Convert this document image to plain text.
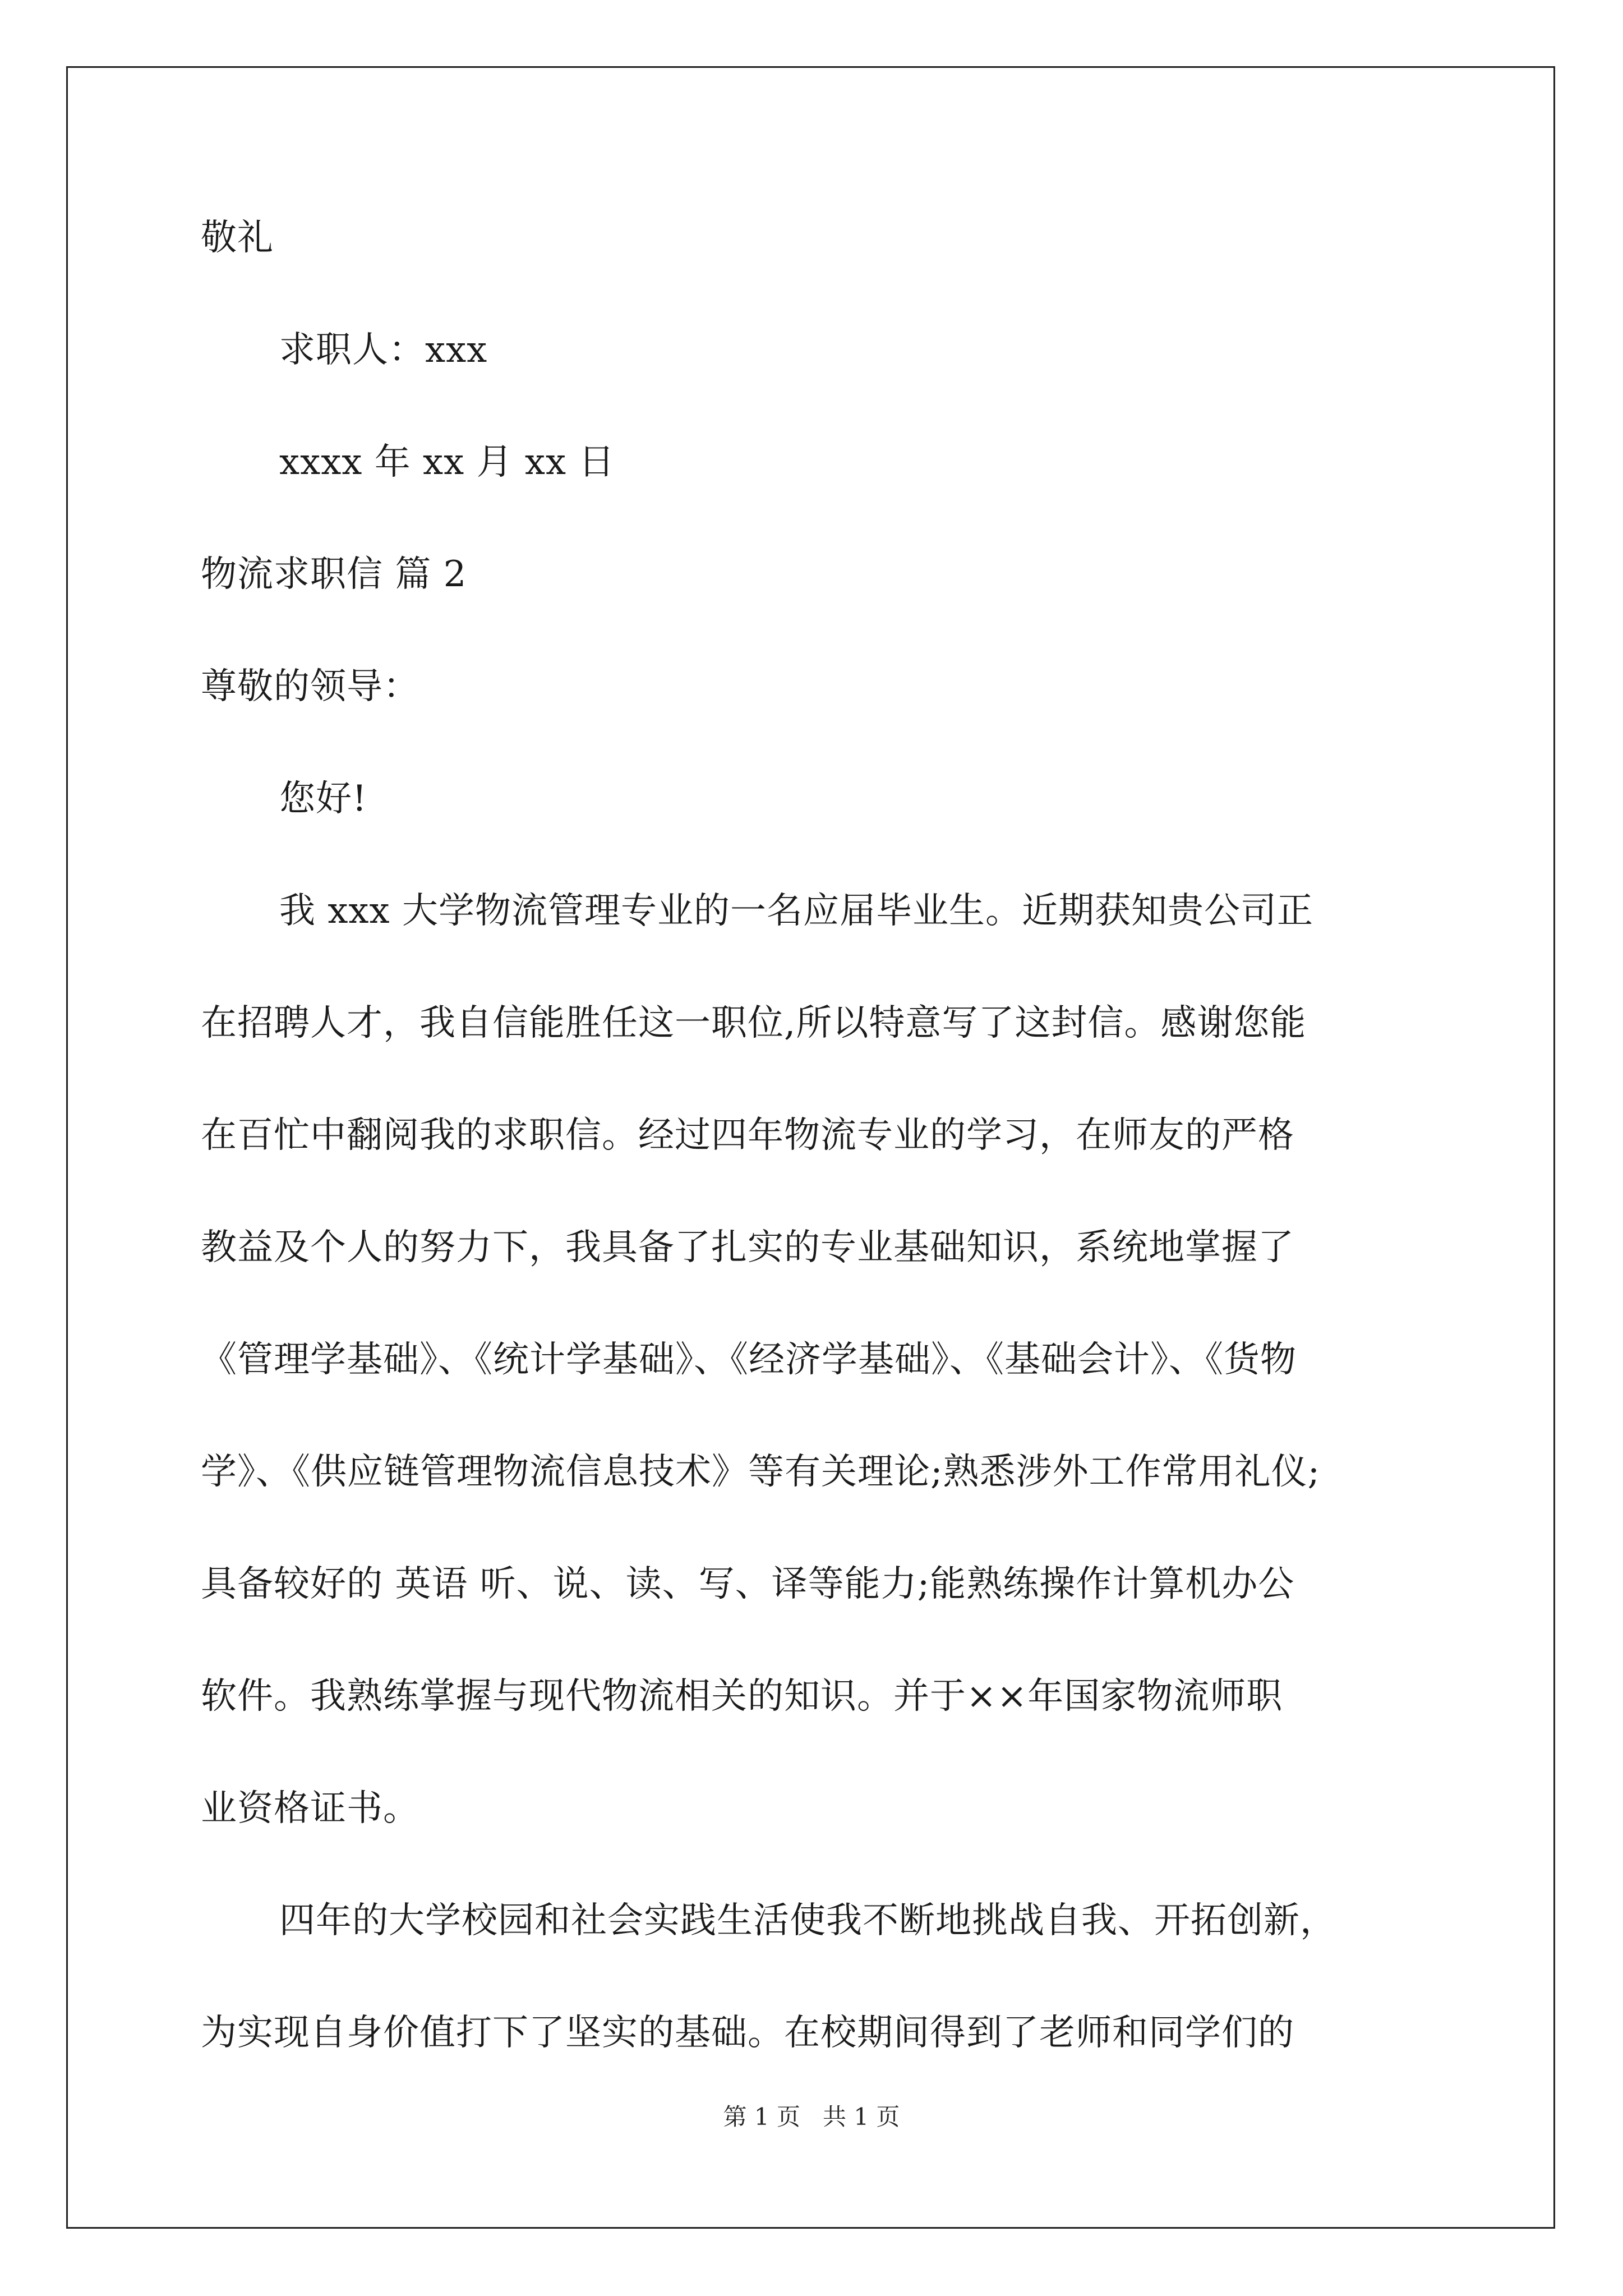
敬礼
求职人：xxx
xxxx 年 xx 月 xx 日
物流求职信 篇 2
尊敬的领导：
您好!
我 xxx 大学物流管理专业的一名应届毕业生。近期获知贵公司正
在招聘人才，我自信能胜任这一职位,所以特意写了这封信。感谢您能
在百忙中翻阅我的求职信。经过四年物流专业的学习，在师友的严格
教益及个人的努力下，我具备了扎实的专业基础知识，系统地掌握了
《管理学基础》、《统计学基础》、《经济学基础》、《基础会计》、《货物
学》、《供应链管理物流信息技术》等有关理论;熟悉涉外工作常用礼仪;
具备较好的 英语 听、说、读、写、译等能力;能熟练操作计算机办公
软件。我熟练掌握与现代物流相关的知识。并于××年国家物流师职
业资格证书。
四年的大学校园和社会实践生活使我不断地挑战自我、开拓创新，
为实现自身价值打下了坚实的基础。在校期间得到了老师和同学们的
第 1 页 共 1 页
